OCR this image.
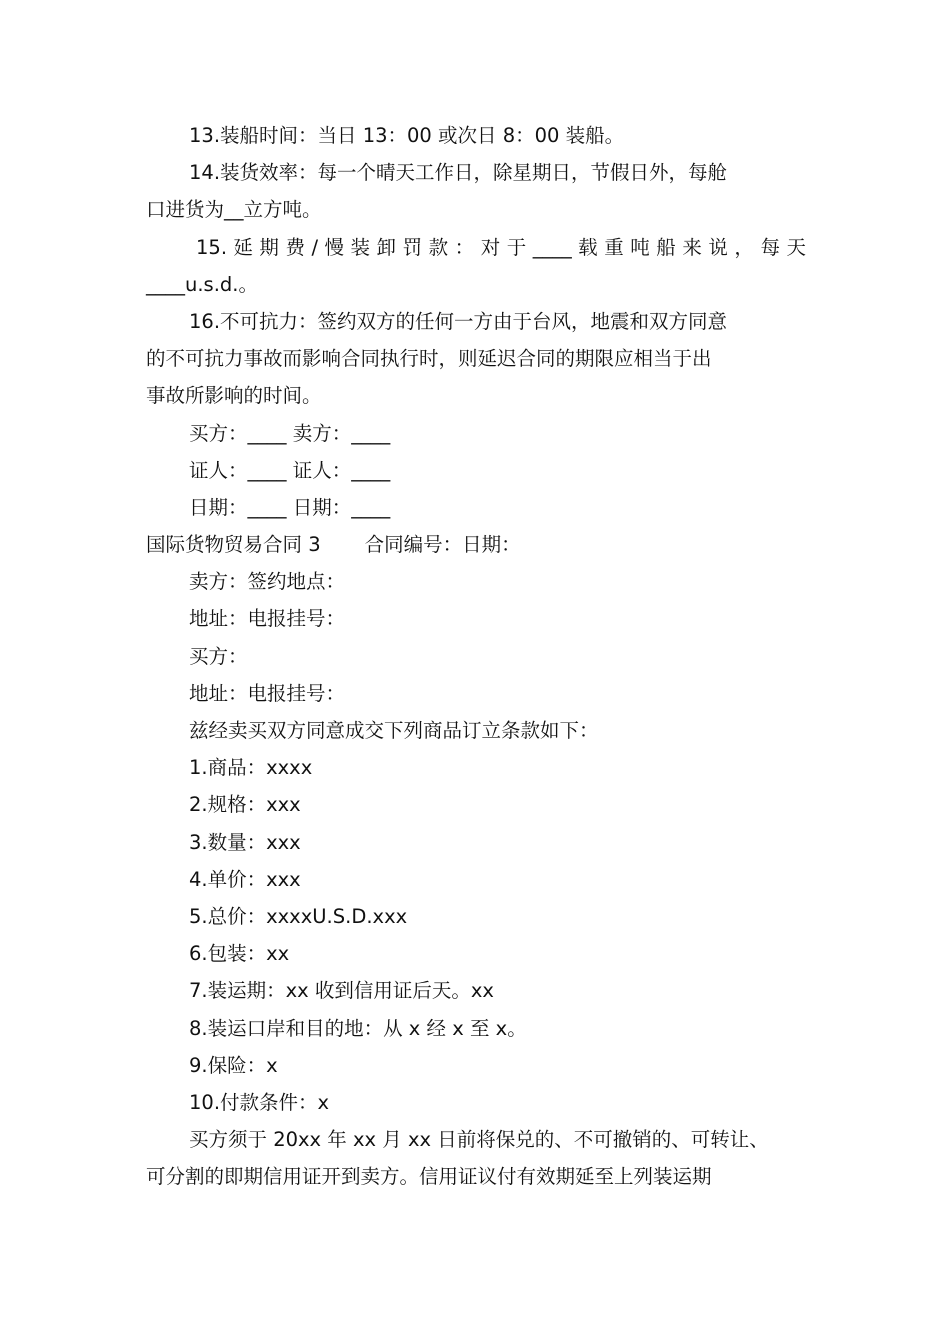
13.装船时间：当日 13：00 或次日 8：00 装船。
14.装货效率：每一个晴天工作日，除星期日，节假日外，每舱
口进货为__立方吨。
15. 延 期 费 / 慢 装 卸 罚 款 ： 对 于 ____ 载 重 吨 船 来 说 ， 每 天
____u.s.d.。
16.不可抗力：签约双方的任何一方由于台风，地震和双方同意
的不可抗力事故而影响合同执行时，则延迟合同的期限应相当于出
事故所影响的时间。
买方：____ 卖方：____
证人：____ 证人：____
日期：____ 日期：____
国际货物贸易合同 3 合同编号：日期：
卖方：签约地点：
地址：电报挂号：
买方：
地址：电报挂号：
兹经卖买双方同意成交下列商品订立条款如下：
1.商品：xxxx
2.规格：xxx
3.数量：xxx
4.单价：xxx
5.总价：xxxxU.S.D.xxx
6.包装：xx
7.装运期：xx 收到信用证后天。xx
8.装运口岸和目的地：从 x 经 x 至 x。
9.保险：x
10.付款条件：x
买方须于 20xx 年 xx 月 xx 日前将保兑的、不可撤销的、可转让、
可分割的即期信用证开到卖方。信用证议付有效期延至上列装运期
